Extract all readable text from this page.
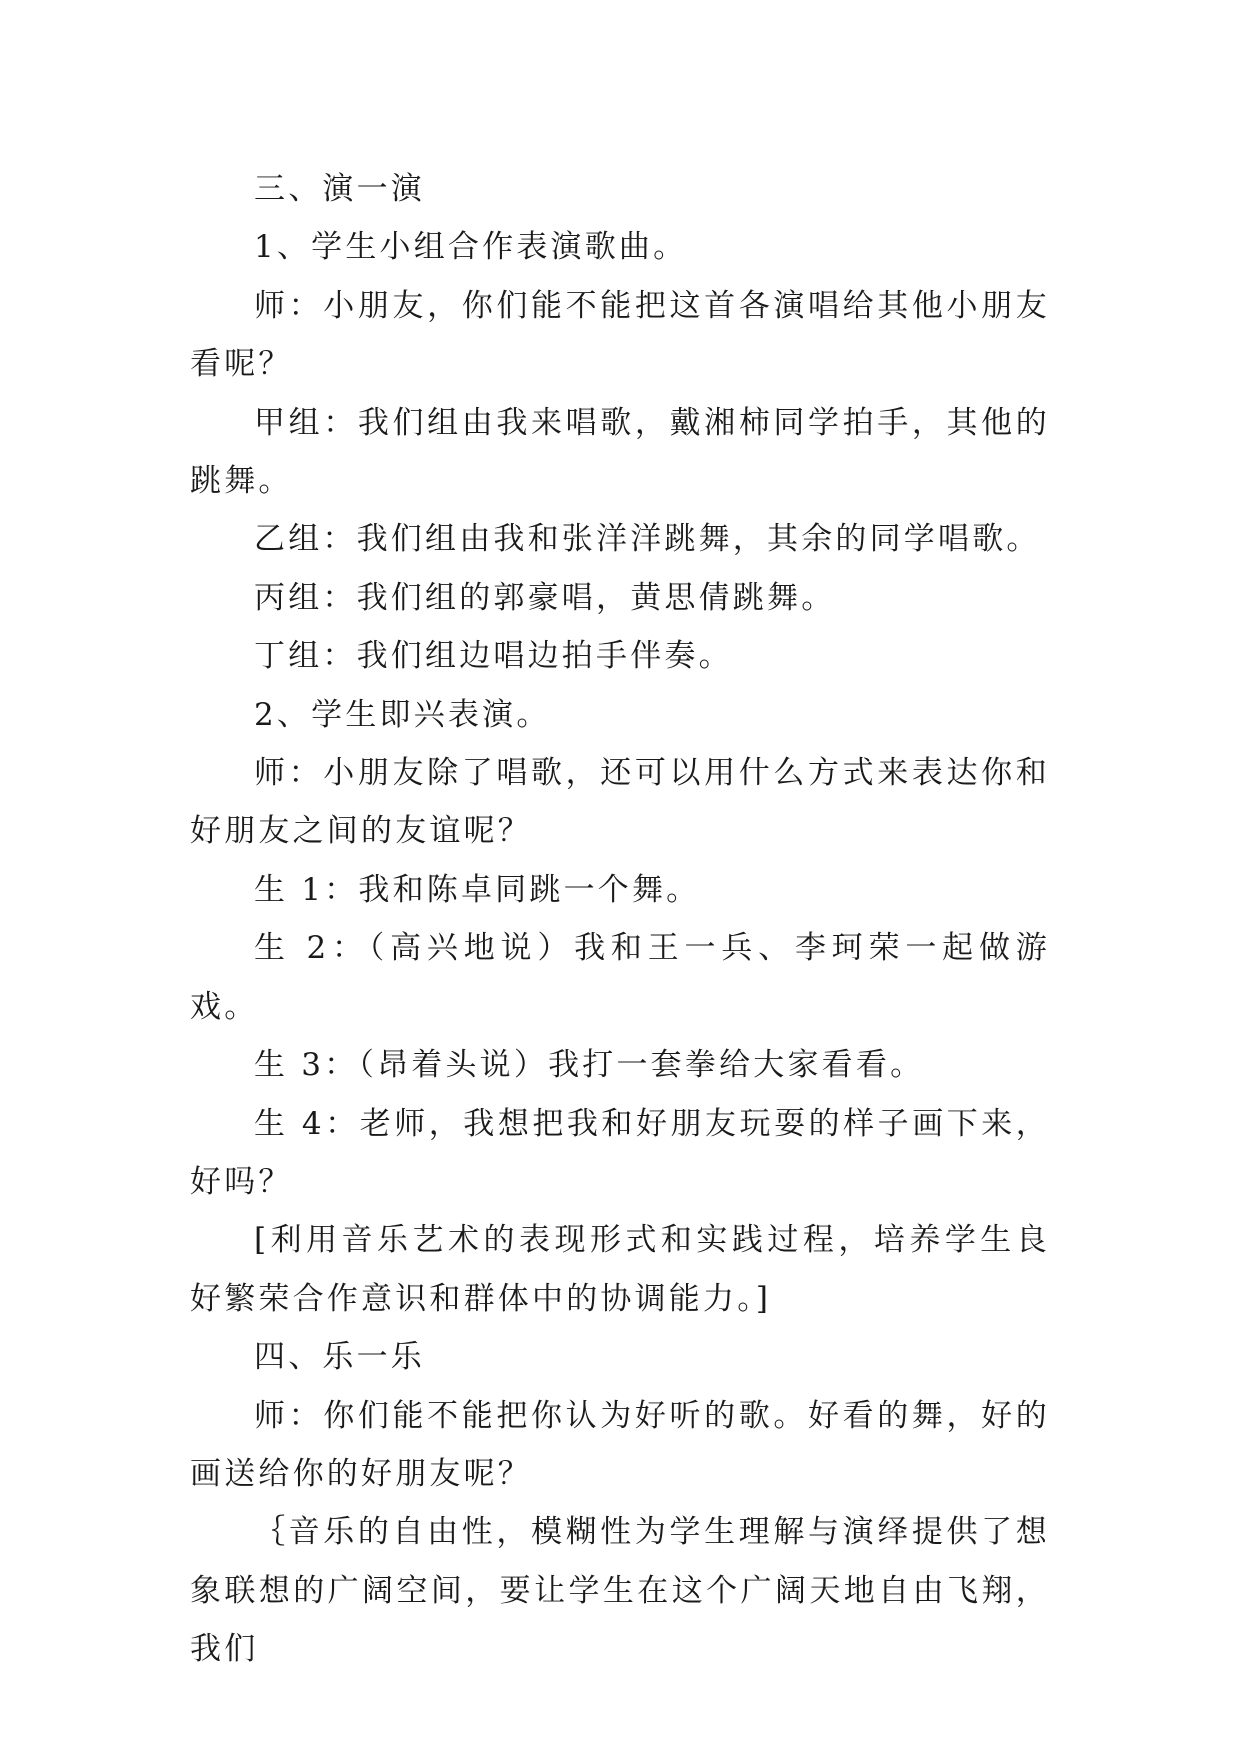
三、演一演

1、学生小组合作表演歌曲。

师：小朋友，你们能不能把这首各演唱给其他小朋友看呢？

甲组：我们组由我来唱歌，戴湘柿同学拍手，其他的跳舞。

乙组：我们组由我和张洋洋跳舞，其余的同学唱歌。

丙组：我们组的郭豪唱，黄思倩跳舞。

丁组：我们组边唱边拍手伴奏。

2、学生即兴表演。

师：小朋友除了唱歌，还可以用什么方式来表达你和好朋友之间的友谊呢？

生 1：我和陈卓同跳一个舞。

生 2：（高兴地说）我和王一兵、李珂荣一起做游戏。

生 3：（昂着头说）我打一套拳给大家看看。

生 4：老师，我想把我和好朋友玩耍的样子画下来，好吗？

[利用音乐艺术的表现形式和实践过程，培养学生良好繁荣合作意识和群体中的协调能力。]

四、乐一乐

师：你们能不能把你认为好听的歌。好看的舞，好的画送给你的好朋友呢？

｛音乐的自由性，模糊性为学生理解与演绎提供了想象联想的广阔空间，要让学生在这个广阔天地自由飞翔，我们
